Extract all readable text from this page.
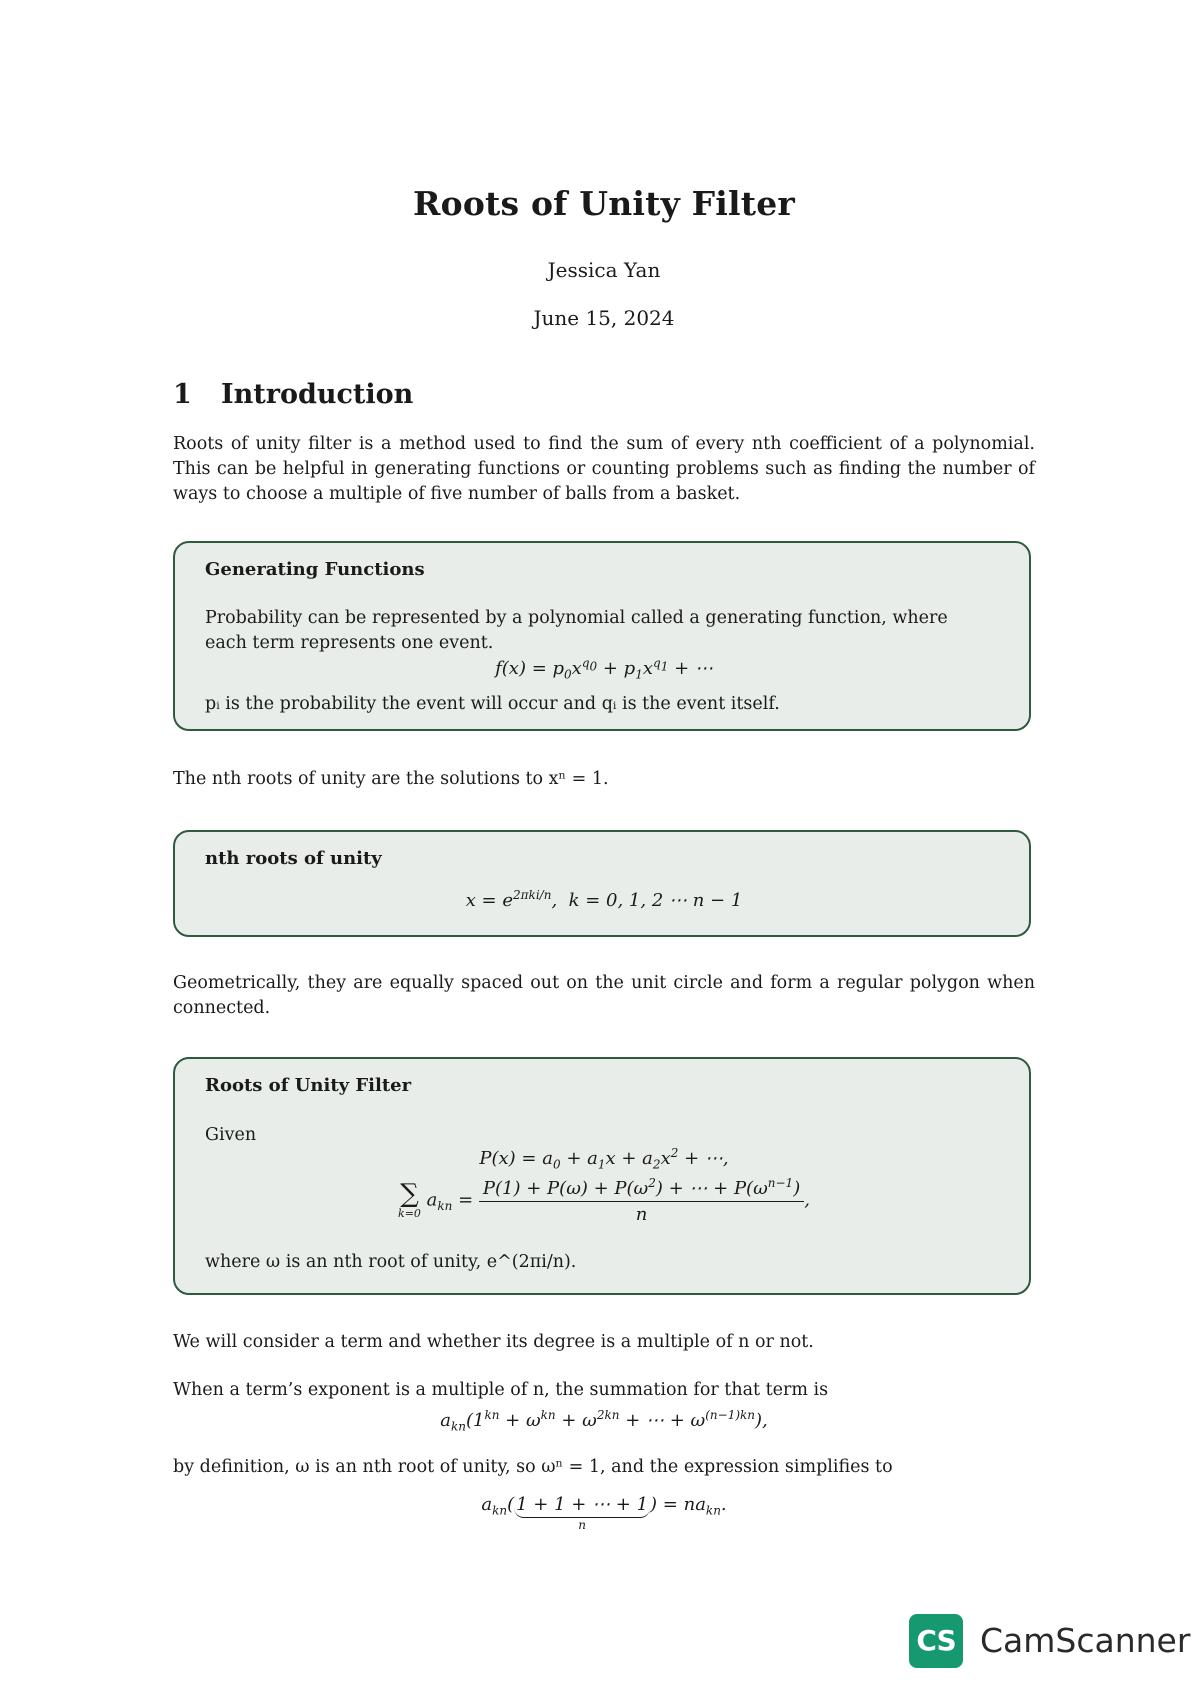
Roots of Unity Filter
Jessica Yan
June 15, 2024
1 Introduction

Roots of unity filter is a method used to find the sum of every nth coefficient of a polynomial. This can be helpful in generating functions or counting problems such as finding the number of ways to choose a multiple of five number of balls from a basket.

Generating Functions
Probability can be represented by a polynomial called a generating function, where each term represents one event.
$f(x) = p_0x^{q_0} + p_1x^{q_1}$ + ⋯
pᵢ is the probability the event will occur and qᵢ is the event itself.

The nth roots of unity are the solutions to xⁿ = 1.

nth roots of unity
$x = e^{2\pi ki/n}$,  k = 0, 1, 2 ⋯ n − 1

Geometrically, they are equally spaced out on the unit circle and form a regular polygon when connected.

Roots of Unity Filter
Given
$P(x) = a_0 + a_1x + a_2x^2$ + ⋯,
∑
k=0
$a_{kn} = \frac{P(1) + P(\omega) + P(\omega^2) + \cdots + P(\omega^{n-1})}{n}$ ,
where ω is an nth root of unity, e^(2πi/n).

We will consider a term and whether its degree is a multiple of n or not.

When a term’s exponent is a multiple of n, the summation for that term is

$a_{kn}(1^{kn} + \omega^{kn} + \omega^{2kn}$ + ⋯ + $\omega^{(n-1)kn}$),

by definition, ω is an nth root of unity, so ωⁿ = 1, and the expression simplifies to

$a_{kn}$( 1 + 1 + ⋯ + 1
n
) = $na_{kn}$.
CS CamScanner
